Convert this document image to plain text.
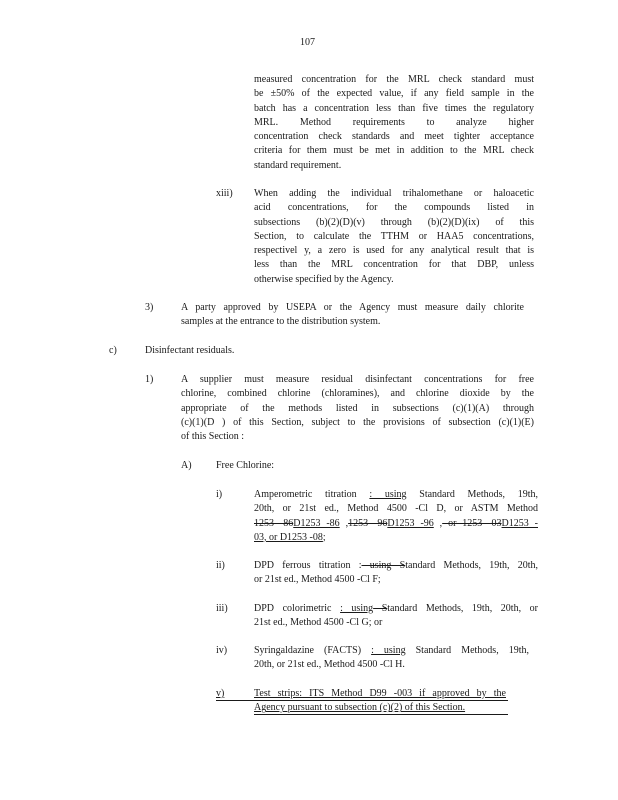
107
measured concentration for the MRL check standard must
be ±50% of the expected value, if any field sample in the
batch has a concentration less than five times the regulatory
MRL. Method requirements to analyze higher
concentration check standards and meet tighter acceptance
criteria for them must be met in addition to the MRL check
standard requirement.
xiii) When adding the individual trihalomethane or haloacetic
acid concentrations, for the compounds listed in
subsections (b)(2)(D)(v) through (b)(2)(D)(ix) of this
Section, to calculate the TTHM or HAA5 concentrations,
respectivel y, a zero is used for any analytical result that is
less than the MRL concentration for that DBP, unless
otherwise specified by the Agency.
3)	A party approved by USEPA or the Agency must measure daily chlorite
samples at the entrance to the distribution system.
c)	Disinfectant residuals.
1)	A supplier must measure residual disinfectant concentrations for free
chlorine, combined chlorine (chloramines), and chlorine dioxide by the
appropriate of the methods listed in subsections (c)(1)(A) through
(c)(1)(D ) of this Section, subject to the provisions of subsection (c)(1)(E)
of this Section :
A) Free Chlorine:
i)	Amperometric titration : using Standard Methods, 19th,
20th, or 21st ed., Method 4500 -Cl D, or ASTM Method
1253 -86D1253 -86 ,1253 -96D1253 -96 , or 1253 -03D1253 -
03, or D1253 -08;
ii)	DPD ferrous titration : using Standard Methods, 19th, 20th,
or 21st ed., Method 4500 -Cl F;
iii)	DPD colorimetric : using Standard Methods, 19th, 20th, or
21st ed., Method 4500 -Cl G; or
iv)	Syringaldazine (FACTS) : using Standard Methods, 19th,
20th, or 21st ed., Method 4500 -Cl H.
v)	Test strips: ITS Method D99 -003 if approved by the
Agency pursuant to subsection (c)(2) of this Section.
